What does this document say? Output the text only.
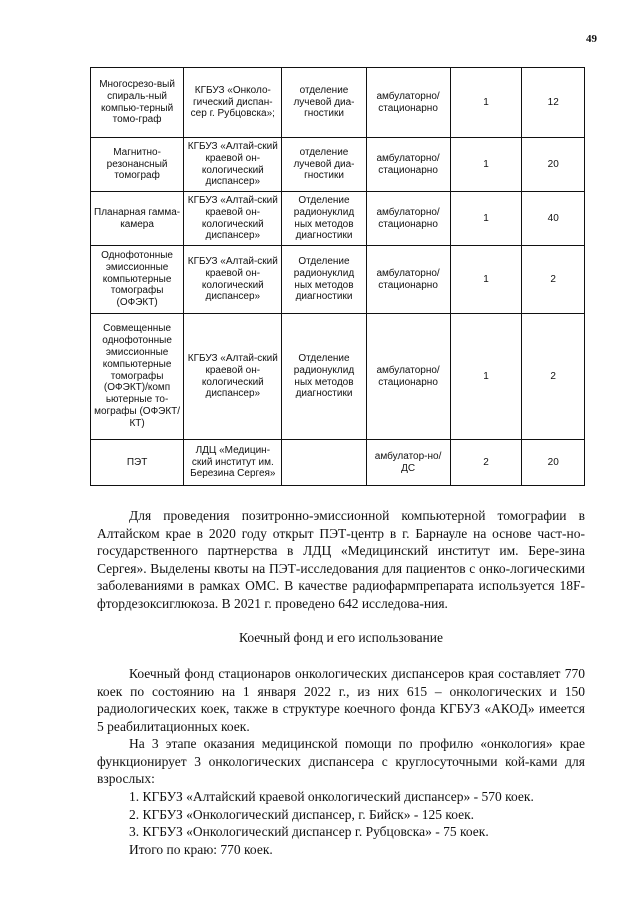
49
Многосрезо-вый спираль-ный компью-терный томо-граф	КГБУЗ «Онколо-гический диспан-сер г. Рубцовска»;	отделение лучевой диа-гностики	амбулаторно/ стационарно	1	12
Магнитно-резонансный томограф	КГБУЗ «Алтай-ский краевой он-кологический диспансер»	отделение лучевой диа-гностики	амбулаторно/ стационарно	1	20
Планарная гамма-камера	КГБУЗ «Алтай-ский краевой он-кологический диспансер»	Отделение радионуклид ных методов диагностики	амбулаторно/ стационарно	1	40
Однофотонные эмиссионные компьютерные томографы (ОФЭКТ)	КГБУЗ «Алтай-ский краевой он-кологический диспансер»	Отделение радионуклид ных методов диагностики	амбулаторно/ стационарно	1	2
Совмещенные однофотонные эмиссионные компьютерные томографы (ОФЭКТ)/комп ьютерные то-мографы (ОФЭКТ/КТ)	КГБУЗ «Алтай-ский краевой он-кологический диспансер»	Отделение радионуклид ных методов диагностики	амбулаторно/ стационарно	1	2
ПЭТ	ЛДЦ «Медицин-ский институт им. Березина Сергея»		амбулатор-но/ДС	2	20

Для проведения позитронно-эмиссионной компьютерной томографии в Алтайском крае в 2020 году открыт ПЭТ-центр в г. Барнауле на основе част-но-государственного партнерства в ЛДЦ «Медицинский институт им. Бере-зина Сергея». Выделены квоты на ПЭТ-исследования для пациентов с онко-логическими заболеваниями в рамках ОМС. В качестве радиофармпрепарата используется 18F-фтордезоксиглюкоза. В 2021 г. проведено 642 исследова-ния.

Коечный фонд и его использование

Коечный фонд стационаров онкологических диспансеров края составляет 770 коек по состоянию на 1 января 2022 г., из них 615 – онкологических и 150 радиологических коек, также в структуре коечного фонда КГБУЗ «АКОД» имеется 5 реабилитационных коек.

На 3 этапе оказания медицинской помощи по профилю «онкология» крае функционирует 3 онкологических диспансера с круглосуточными кой-ками для взрослых:

1. КГБУЗ «Алтайский краевой онкологический диспансер» - 570 коек.
2. КГБУЗ «Онкологический диспансер, г. Бийск» - 125 коек.
3. КГБУЗ «Онкологический диспансер г. Рубцовска» - 75 коек.
Итого по краю: 770 коек.
